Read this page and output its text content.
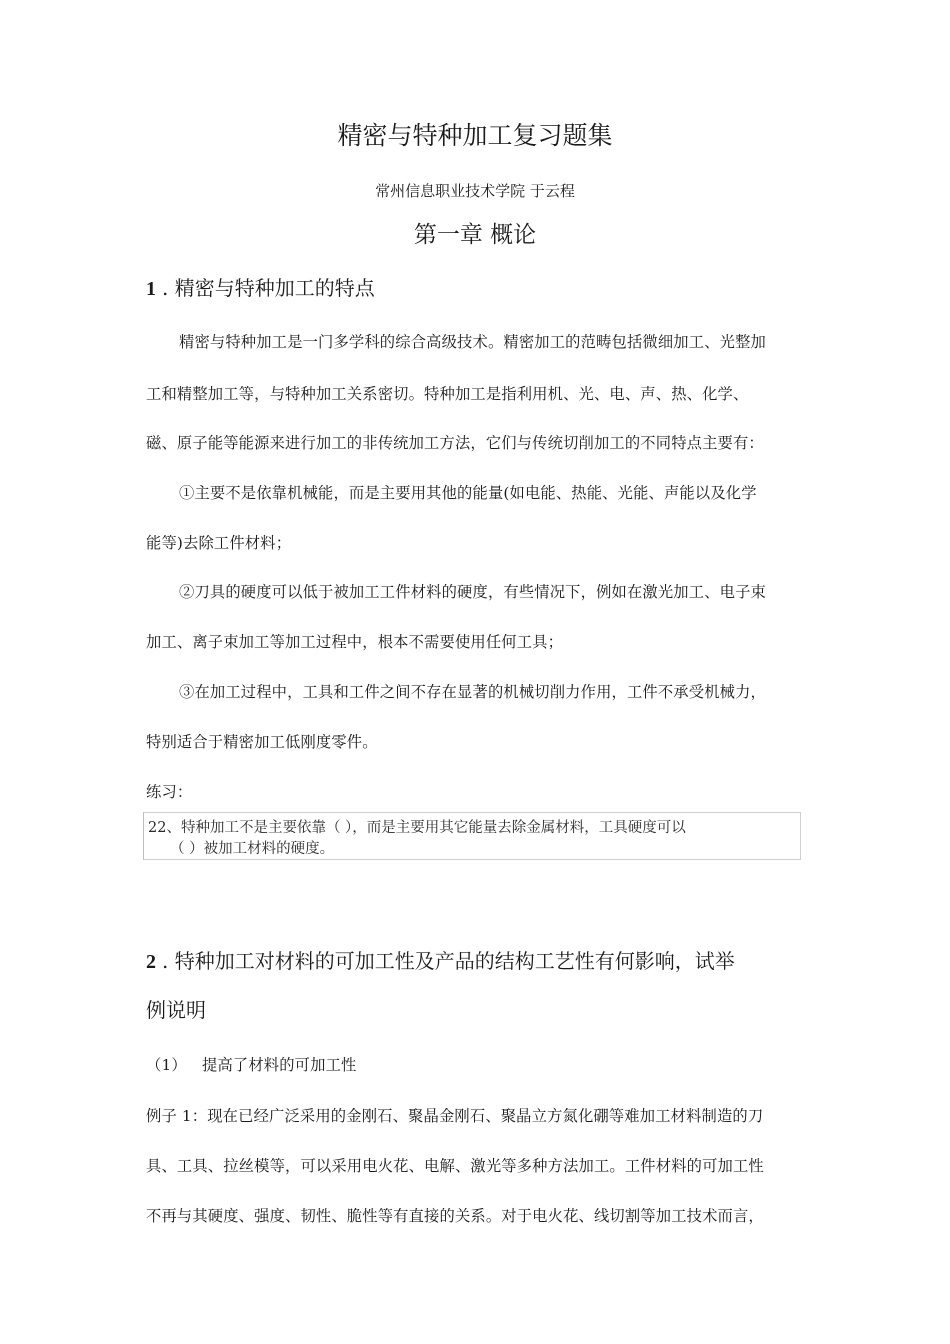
精密与特种加工复习题集
常州信息职业技术学院 于云程
第一章 概论
1 . 精密与特种加工的特点
精密与特种加工是一门多学科的综合高级技术。精密加工的范畴包括微细加工、光整加
工和精整加工等，与特种加工关系密切。特种加工是指利用机、光、电、声、热、化学、
磁、原子能等能源来进行加工的非传统加工方法，它们与传统切削加工的不同特点主要有：
①主要不是依靠机械能，而是主要用其他的能量(如电能、热能、光能、声能以及化学
能等)去除工件材料；
②刀具的硬度可以低于被加工工件材料的硬度，有些情况下，例如在激光加工、电子束
加工、离子束加工等加工过程中，根本不需要使用任何工具；
③在加工过程中，工具和工件之间不存在显著的机械切削力作用，工件不承受机械力，
特别适合于精密加工低刚度零件。
练习：
22、特种加工不是主要依靠（ ），而是主要用其它能量去除金属材料，工具硬度可以
（ ）被加工材料的硬度。
2 . 特种加工对材料的可加工性及产品的结构工艺性有何影响，试举
例说明
（1） 提高了材料的可加工性
例子 1：现在已经广泛采用的金刚石、聚晶金刚石、聚晶立方氮化硼等难加工材料制造的刀
具、工具、拉丝模等，可以采用电火花、电解、激光等多种方法加工。工件材料的可加工性
不再与其硬度、强度、韧性、脆性等有直接的关系。对于电火花、线切割等加工技术而言，
